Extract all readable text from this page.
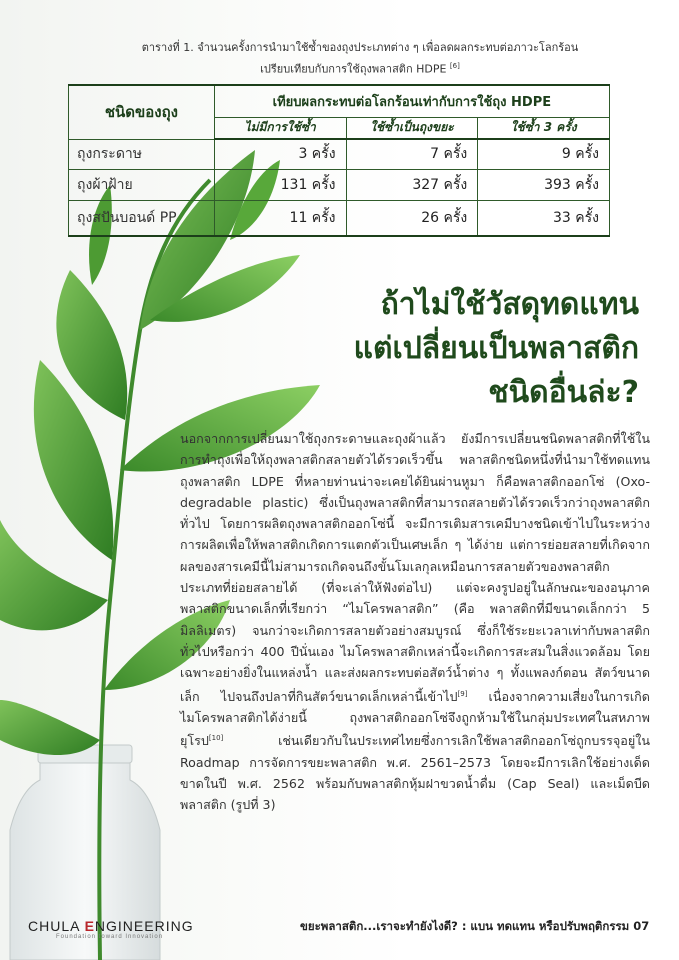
ตารางที่ 1. จำนวนครั้งการนำมาใช้ซ้ำของถุงประเภทต่าง ๆ เพื่อลดผลกระทบต่อภาวะโลกร้อน
เปรียบเทียบกับการใช้ถุงพลาสติก HDPE [6]
ชนิดของถุง	เทียบผลกระทบต่อโลกร้อนเท่ากับการใช้ถุง HDPE		
	ไม่มีการใช้ซ้ำ	ใช้ซ้ำเป็นถุงขยะ	ใช้ซ้ำ 3 ครั้ง
ถุงกระดาษ	3 ครั้ง	7 ครั้ง	9 ครั้ง
ถุงผ้าฝ้าย	131 ครั้ง	327 ครั้ง	393 ครั้ง
ถุงสปันบอนด์ PP	11 ครั้ง	26 ครั้ง	33 ครั้ง
ถ้าไม่ใช้วัสดุทดแทน
แต่เปลี่ยนเป็นพลาสติก
ชนิดอื่นล่ะ?

นอกจากการเปลี่ยนมาใช้ถุงกระดาษและถุงผ้าแล้ว ยังมีการเปลี่ยนชนิดพลาสติกที่ใช้ในการทำถุงเพื่อให้ถุงพลาสติกสลายตัวได้รวดเร็วขึ้น พลาสติกชนิดหนึ่งที่นำมาใช้ทดแทนถุงพลาสติก LDPE ที่หลายท่านน่าจะเคยได้ยินผ่านหูมา ก็คือพลาสติกออกโซ่ (Oxo-degradable plastic) ซึ่งเป็นถุงพลาสติกที่สามารถสลายตัวได้รวดเร็วกว่าถุงพลาสติกทั่วไป โดยการผลิตถุงพลาสติกออกโซ่นี้ จะมีการเติมสารเคมีบางชนิดเข้าไปในระหว่างการผลิตเพื่อให้พลาสติกเกิดการแตกตัวเป็นเศษเล็ก ๆ ได้ง่าย แต่การย่อยสลายที่เกิดจากผลของสารเคมีนี้ไม่สามารถเกิดจนถึงขั้นโมเลกุลเหมือนการสลายตัวของพลาสติกประเภทที่ย่อยสลายได้ (ที่จะเล่าให้ฟังต่อไป) แต่จะคงรูปอยู่ในลักษณะของอนุภาคพลาสติกขนาดเล็กที่เรียกว่า “ไมโครพลาสติก” (คือ พลาสติกที่มีขนาดเล็กกว่า 5 มิลลิเมตร) จนกว่าจะเกิดการสลายตัวอย่างสมบูรณ์ ซึ่งก็ใช้ระยะเวลาเท่ากับพลาสติกทั่วไปหรือกว่า 400 ปีนั่นเอง ไมโครพลาสติกเหล่านี้จะเกิดการสะสมในสิ่งแวดล้อม โดยเฉพาะอย่างยิ่งในแหล่งน้ำ และส่งผลกระทบต่อสัตว์น้ำต่าง ๆ ทั้งแพลงก์ตอน สัตว์ขนาดเล็ก ไปจนถึงปลาที่กินสัตว์ขนาดเล็กเหล่านี้เข้าไป[9] เนื่องจากความเสี่ยงในการเกิดไมโครพลาสติกได้ง่ายนี้ ถุงพลาสติกออกโซ่จึงถูกห้ามใช้ในกลุ่มประเทศในสหภาพยุโรป[10] เช่นเดียวกับในประเทศไทยซึ่งการเลิกใช้พลาสติกออกโซ่ถูกบรรจุอยู่ใน Roadmap การจัดการขยะพลาสติก พ.ศ. 2561–2573 โดยจะมีการเลิกใช้อย่างเด็ดขาดในปี พ.ศ. 2562 พร้อมกับพลาสติกหุ้มฝาขวดน้ำดื่ม (Cap Seal) และเม็ดบีดพลาสติก (รูปที่ 3)

CHULA ENGINEERING
Foundation toward Innovation
ขยะพลาสติก...เราจะทำยังไงดี? : แบน ทดแทน หรือปรับพฤติกรรม 07
